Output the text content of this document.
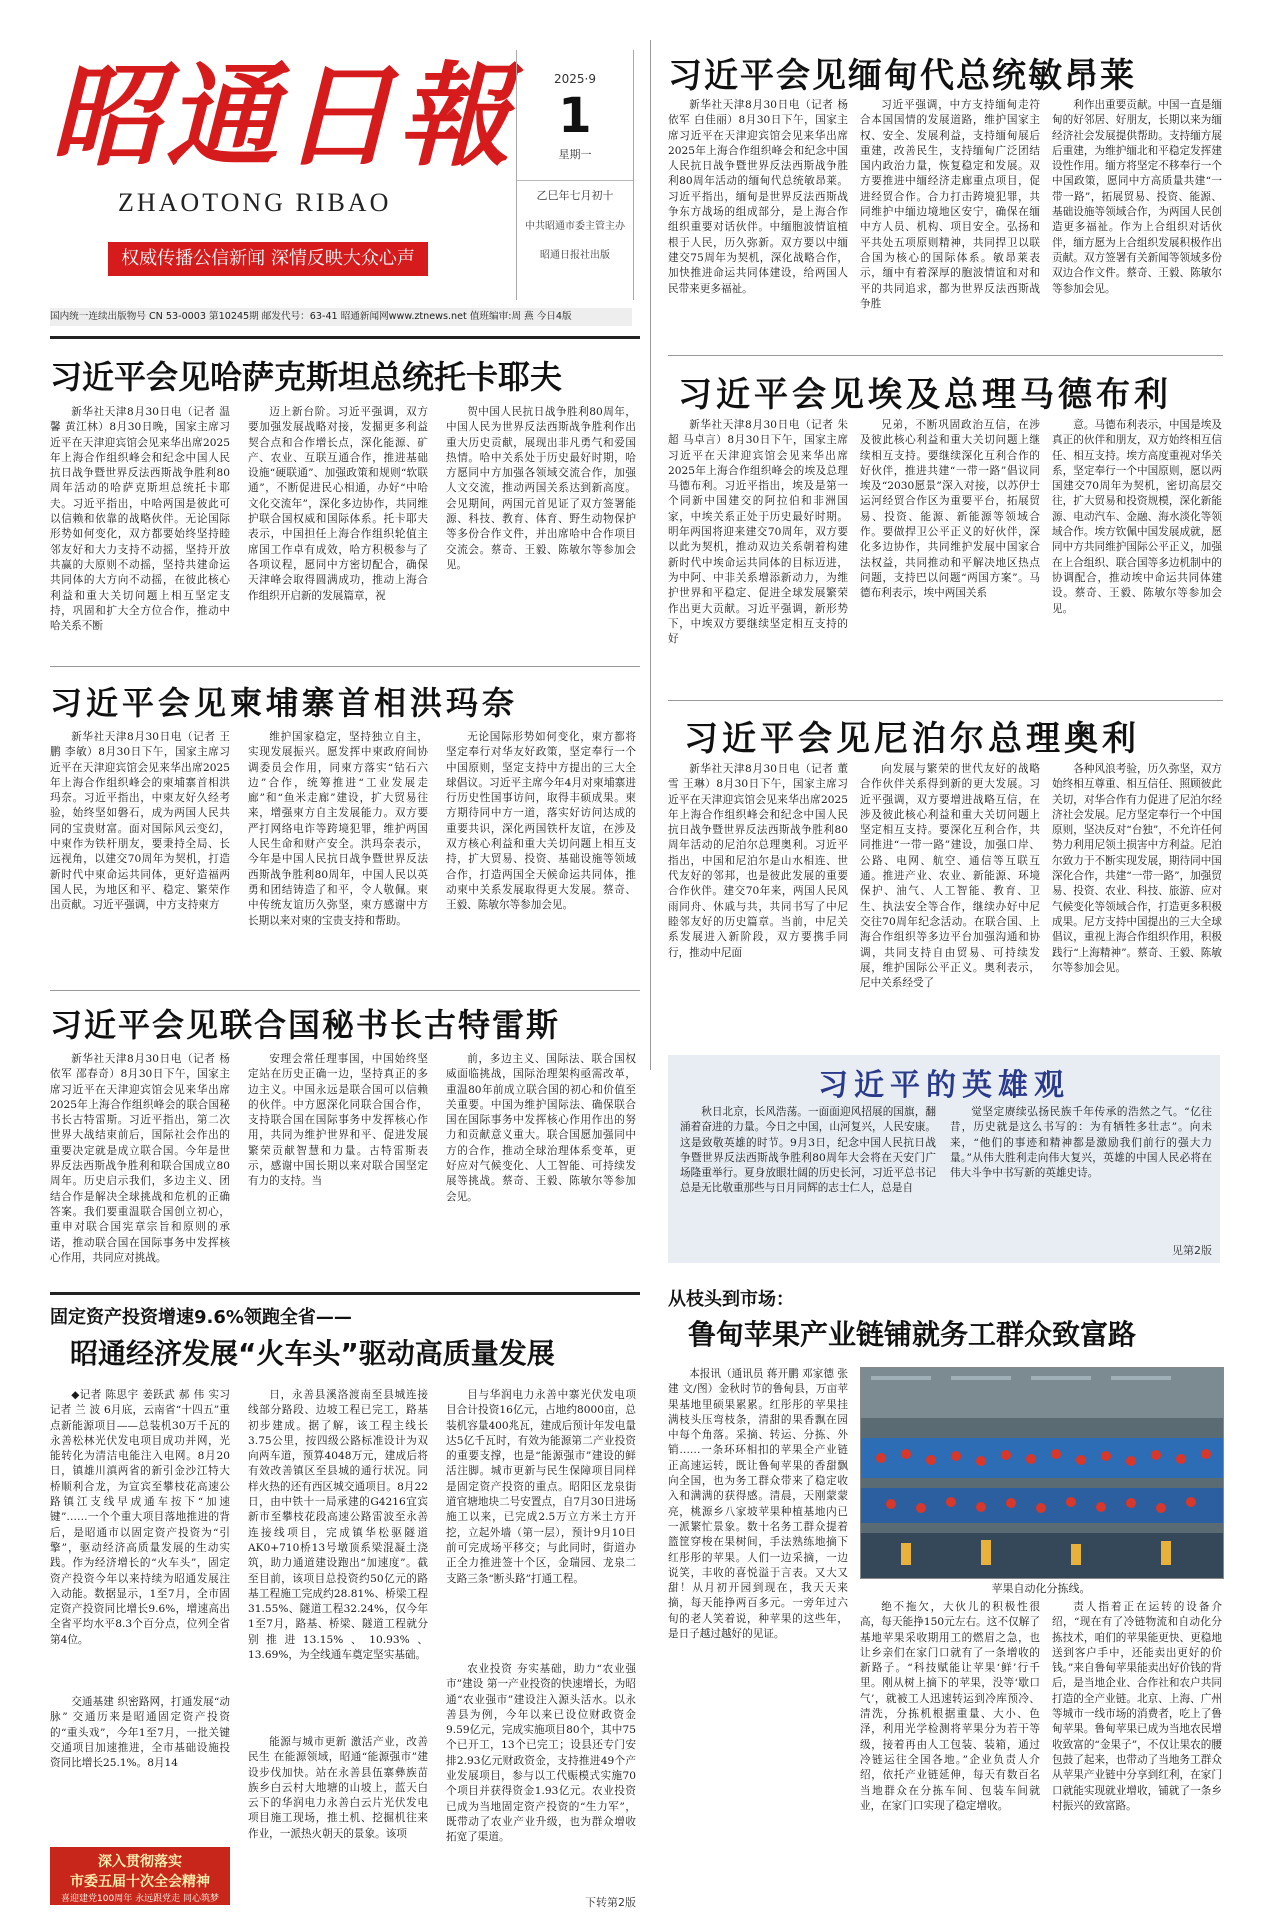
昭通日報
ZHAOTONG RIBAO
权威传播公信新闻 深情反映大众心声
2025·9
1
星期一
乙巳年七月初十
中共昭通市委主管主办
昭通日报社出版
国内统一连续出版物号 CN 53-0003 第10245期 邮发代号：63-41 昭通新闻网www.ztnews.net 值班编审:周 燕 今日4版
习近平会见缅甸代总统敏昂莱

新华社天津8月30日电（记者 杨依军 白佳丽）8月30日下午，国家主席习近平在天津迎宾馆会见来华出席2025年上海合作组织峰会和纪念中国人民抗日战争暨世界反法西斯战争胜利80周年活动的缅甸代总统敏昂莱。习近平指出，缅甸是世界反法西斯战争东方战场的组成部分，是上海合作组织重要对话伙伴。中缅胞波情谊植根于人民，历久弥新。双方要以中缅建交75周年为契机，深化战略合作，加快推进命运共同体建设，给两国人民带来更多福祉。

习近平强调，中方支持缅甸走符合本国国情的发展道路，维护国家主权、安全、发展利益，支持缅甸展后重建，改善民生，支持缅甸广泛团结国内政治力量，恢复稳定和发展。双方要推进中缅经济走廊重点项目，促进经贸合作。合力打击跨境犯罪，共同维护中缅边境地区安宁，确保在缅中方人员、机构、项目安全。弘扬和平共处五项原则精神，共同捍卫以联合国为核心的国际体系。敏昂莱表示，缅中有着深厚的胞波情谊和对和平的共同追求，都为世界反法西斯战争胜

利作出重要贡献。中国一直是缅甸的好邻居、好朋友，长期以来为缅经济社会发展提供帮助。支持缅方展后重建，为维护缅北和平稳定发挥建设性作用。缅方将坚定不移奉行一个中国政策，愿同中方高质量共建“一带一路”，拓展贸易、投资、能源、基础设施等领域合作，为两国人民创造更多福祉。作为上合组织对话伙伴，缅方愿为上合组织发展积极作出贡献。双方签署有关新闻等领域多份双边合作文件。蔡奇、王毅、陈敏尔等参加会见。

习近平会见埃及总理马德布利

新华社天津8月30日电（记者 朱超 马卓言）8月30日下午，国家主席习近平在天津迎宾馆会见来华出席2025年上海合作组织峰会的埃及总理马德布利。习近平指出，埃及是第一个同新中国建交的阿拉伯和非洲国家，中埃关系正处于历史最好时期。明年两国将迎来建交70周年，双方要以此为契机，推动双边关系朝着构建新时代中埃命运共同体的目标迈进，为中阿、中非关系增添新动力，为维护世界和平稳定、促进全球发展繁荣作出更大贡献。习近平强调，新形势下，中埃双方要继续坚定相互支持的好

兄弟，不断巩固政治互信，在涉及彼此核心利益和重大关切问题上继续相互支持。要继续深化互利合作的好伙伴，推进共建“一带一路”倡议同埃及“2030愿景”深入对接，以苏伊士运河经贸合作区为重要平台，拓展贸易、投资、能源、新能源等领域合作。要做捍卫公平正义的好伙伴，深化多边协作，共同维护发展中国家合法权益，共同推动和平解决地区热点问题，支持巴以问题“两国方案”。马德布利表示，埃中两国关系

意。马德布利表示，中国是埃及真正的伙伴和朋友，双方始终相互信任、相互支持。埃方高度重视对华关系，坚定奉行一个中国原则，愿以两国建交70周年为契机，密切高层交往，扩大贸易和投资规模，深化新能源、电动汽车、金融、海水淡化等领域合作。埃方钦佩中国发展成就，愿同中方共同维护国际公平正义，加强在上合组织、联合国等多边机制中的协调配合，推动埃中命运共同体建设。蔡奇、王毅、陈敏尔等参加会见。

习近平会见尼泊尔总理奥利

新华社天津8月30日电（记者 董雪 王琳）8月30日下午，国家主席习近平在天津迎宾馆会见来华出席2025年上海合作组织峰会和纪念中国人民抗日战争暨世界反法西斯战争胜利80周年活动的尼泊尔总理奥利。习近平指出，中国和尼泊尔是山水相连、世代友好的邻邦，也是彼此发展的重要合作伙伴。建交70年来，两国人民风雨同舟、休戚与共，共同书写了中尼睦邻友好的历史篇章。当前，中尼关系发展进入新阶段，双方要携手同行，推动中尼面

向发展与繁荣的世代友好的战略合作伙伴关系得到新的更大发展。习近平强调，双方要增进战略互信，在涉及彼此核心利益和重大关切问题上坚定相互支持。要深化互利合作，共同推进“一带一路”建设，加强口岸、公路、电网、航空、通信等互联互通。推进产业、农业、新能源、环境保护、油气、人工智能、教育、卫生、执法安全等合作，继续办好中尼交往70周年纪念活动。在联合国、上海合作组织等多边平台加强沟通和协调，共同支持自由贸易、可持续发展，维护国际公平正义。奥利表示，尼中关系经受了

各种风浪考验，历久弥坚，双方始终相互尊重、相互信任、照顾彼此关切，对华合作有力促进了尼泊尔经济社会发展。尼方坚定奉行一个中国原则，坚决反对“台独”，不允许任何势力利用尼领土损害中方利益。尼泊尔致力于不断实现发展，期待同中国深化合作，共建“一带一路”，加强贸易、投资、农业、科技、旅游、应对气候变化等领域合作，打造更多积极成果。尼方支持中国提出的三大全球倡议，重视上海合作组织作用，积极践行“上海精神”。蔡奇、王毅、陈敏尔等参加会见。

习近平的英雄观

秋日北京，长风浩荡。一面面迎风招展的国旗，翻涌着奋进的力量。今日之中国，山河复兴，人民安康。这是致敬英雄的时节。9月3日，纪念中国人民抗日战争暨世界反法西斯战争胜利80周年大会将在天安门广场隆重举行。夏身放眼壮阔的历史长河，习近平总书记总是无比敬重那些与日月同辉的志士仁人，总是自

觉坚定赓续弘扬民族千年传承的浩然之气。“亿往昔，历史就是这么书写的：为有牺牲多壮志”。向未来，“他们的事迹和精神都是激励我们前行的强大力量。”从伟大胜利走向伟大复兴，英雄的中国人民必将在伟大斗争中书写新的英雄史诗。

见第2版
从枝头到市场：
鲁甸苹果产业链铺就务工群众致富路

本报讯（通讯员 蒋开鹏 邓家德 张 建 文/图）金秋时节的鲁甸县，万亩苹果基地里硕果累累。红彤彤的苹果挂满枝头压弯枝条，清甜的果香飘在园中每个角落。采摘、转运、分拣、外销……一条环环相扣的苹果全产业链正高速运转，既让鲁甸苹果的香甜飘向全国，也为务工群众带来了稳定收入和满满的获得感。清晨，天刚蒙蒙亮，桃源乡八家坡苹果种植基地内已一派繁忙景象。数十名务工群众提着篮筐穿梭在果树间，手法熟练地摘下红彤彤的苹果。人们一边采摘，一边说笑，丰收的喜悦溢于言表。又大又甜！从月初开园到现在，我天天来摘，每天能挣两百多元。一旁年过六旬的老人笑着说，种苹果的这些年，是日子越过越好的见证。

苹果自动化分拣线。

绝不拖欠，大伙儿的积极性很高，每天能挣150元左右。这不仅解了基地苹果采收期用工的燃眉之急，也让乡亲们在家门口就有了一条增收的新路子。“科技赋能让苹果‘鲜’行千里。刚从树上摘下的苹果，没等‘歇口气’，就被工人迅速转运到冷库预冷、清洗，分拣机根据重量、大小、色泽，利用光学检测将苹果分为若干等级，接着再由人工包装、装箱，通过冷链运往全国各地。”企业负责人介绍，依托产业链延伸，每天有数百名当地群众在分拣车间、包装车间就业，在家门口实现了稳定增收。

责人指着正在运转的设备介绍，“现在有了冷链物流和自动化分拣技术，咱们的苹果能更快、更稳地送到客户手中，还能卖出更好的价钱。”来自鲁甸苹果能卖出好价钱的背后，是当地企业、合作社和农户共同打造的全产业链。北京、上海、广州等城市一线市场的消费者，吃上了鲁甸苹果。鲁甸苹果已成为当地农民增收致富的“金果子”，不仅让果农的腰包鼓了起来，也带动了当地务工群众从苹果产业链中分享到红利，在家门口就能实现就业增收，铺就了一条乡村振兴的致富路。

习近平会见哈萨克斯坦总统托卡耶夫

新华社天津8月30日电（记者 温馨 黄江林）8月30日晚，国家主席习近平在天津迎宾馆会见来华出席2025年上海合作组织峰会和纪念中国人民抗日战争暨世界反法西斯战争胜利80周年活动的哈萨克斯坦总统托卡耶夫。习近平指出，中哈两国是彼此可以信赖和依靠的战略伙伴。无论国际形势如何变化，双方都要始终坚持睦邻友好和大力支持不动摇，坚持开放共赢的大原则不动摇，坚持共建命运共同体的大方向不动摇，在彼此核心利益和重大关切问题上相互坚定支持，巩固和扩大全方位合作，推动中哈关系不断

迈上新台阶。习近平强调，双方要加强发展战略对接，发掘更多利益契合点和合作增长点，深化能源、矿产、农业、互联互通合作，推进基础设施“硬联通”、加强政策和规则“软联通”，不断促进民心相通，办好“中哈文化交流年”，深化多边协作，共同维护联合国权威和国际体系。托卡耶夫表示，中国担任上海合作组织轮值主席国工作卓有成效，哈方积极参与了各项议程，愿同中方密切配合，确保天津峰会取得圆满成功，推动上海合作组织开启新的发展篇章，祝

贺中国人民抗日战争胜利80周年，中国人民为世界反法西斯战争胜利作出重大历史贡献，展现出非凡勇气和爱国热情。哈中关系处于历史最好时期，哈方愿同中方加强各领域交流合作，加强人文交流，推动两国关系达到新高度。会见期间，两国元首见证了双方签署能源、科技、教育、体育、野生动物保护等多份合作文件，并出席哈中合作项目交流会。蔡奇、王毅、陈敏尔等参加会见。

习近平会见柬埔寨首相洪玛奈

新华社天津8月30日电（记者 王鹏 李敏）8月30日下午，国家主席习近平在天津迎宾馆会见来华出席2025年上海合作组织峰会的柬埔寨首相洪玛奈。习近平指出，中柬友好久经考验，始终坚如磐石，成为两国人民共同的宝贵财富。面对国际风云变幻，中柬作为铁杆朋友，要秉持全局、长远视角，以建交70周年为契机，打造新时代中柬命运共同体，更好造福两国人民，为地区和平、稳定、繁荣作出贡献。习近平强调，中方支持柬方

维护国家稳定，坚持独立自主，实现发展振兴。愿发挥中柬政府间协调委员会作用，同柬方落实“钻石六边”合作，统筹推进“工业发展走廊”和“鱼米走廊”建设，扩大贸易往来，增强柬方自主发展能力。双方要严打网络电诈等跨境犯罪，维护两国人民生命和财产安全。洪玛奈表示，今年是中国人民抗日战争暨世界反法西斯战争胜利80周年，中国人民以英勇和团结铸造了和平，令人敬佩。柬中传统友谊历久弥坚，柬方感谢中方长期以来对柬的宝贵支持和帮助。

无论国际形势如何变化，柬方都将坚定奉行对华友好政策，坚定奉行一个中国原则，坚定支持中方提出的三大全球倡议。习近平主席今年4月对柬埔寨进行历史性国事访问，取得丰硕成果。柬方期待同中方一道，落实好访问达成的重要共识，深化两国铁杆友谊，在涉及双方核心利益和重大关切问题上相互支持，扩大贸易、投资、基础设施等领域合作，打造两国全天候命运共同体，推动柬中关系发展取得更大发展。蔡奇、王毅、陈敏尔等参加会见。

习近平会见联合国秘书长古特雷斯

新华社天津8月30日电（记者 杨依军 邵春奇）8月30日下午，国家主席习近平在天津迎宾馆会见来华出席2025年上海合作组织峰会的联合国秘书长古特雷斯。习近平指出，第二次世界大战结束前后，国际社会作出的重要决定就是成立联合国。今年是世界反法西斯战争胜利和联合国成立80周年。历史启示我们，多边主义、团结合作是解决全球挑战和危机的正确答案。我们要重温联合国创立初心，重申对联合国宪章宗旨和原则的承诺，推动联合国在国际事务中发挥核心作用，共同应对挑战。

安理会常任理事国，中国始终坚定站在历史正确一边，坚持真正的多边主义。中国永远是联合国可以信赖的伙伴。中方愿深化同联合国合作，支持联合国在国际事务中发挥核心作用，共同为维护世界和平、促进发展繁荣贡献智慧和力量。古特雷斯表示，感谢中国长期以来对联合国坚定有力的支持。当

前，多边主义、国际法、联合国权威面临挑战，国际治理架构亟需改革，重温80年前成立联合国的初心和价值至关重要。中国为维护国际法、确保联合国在国际事务中发挥核心作用作出的努力和贡献意义重大。联合国愿加强同中方的合作，推动全球治理体系变革，更好应对气候变化、人工智能、可持续发展等挑战。蔡奇、王毅、陈敏尔等参加会见。

固定资产投资增速9.6%领跑全省——
昭通经济发展“火车头”驱动高质量发展

◆记者 陈思宇 姜跃武 郝 伟 实习记者 兰 波 6月底，云南省“十四五”重点新能源项目——总装机30万千瓦的永善松林光伏发电项目成功并网，光能转化为清洁电能注入电网。8月20日，镇雄川滇两省的新引金沙江特大桥顺利合龙，为宣宾至攀枝花高速公路镇江支线早成通车按下“加速键”……一个个重大项目落地推进的背后，是昭通市以固定资产投资为“引擎”，驱动经济高质量发展的生动实践。作为经济增长的“火车头”，固定资产投资今年以来持续为昭通发展注入动能。数据显示，1至7月，全市固定资产投资同比增长9.6%，增速高出全省平均水平8.3个百分点，位列全省第4位。

交通基建 织密路网，打通发展“动脉” 交通历来是昭通固定资产投资的“重头戏”，今年1至7月，一批关键交通项目加速推进，全市基础设施投资同比增长25.1%。8月14

深入贯彻落实
市委五届十次全会精神
喜迎建党100周年 永远跟党走 同心筑梦

日，永善县溪洛渡南至县城连接线部分路段、边坡工程已完工，路基初步建成。据了解，该工程主线长3.75公里，按四级公路标准设计为双向两车道，预算4048万元，建成后将有效改善镇区至县城的通行状况。同样火热的还有西区城交通项目。8月22日，由中铁十一局承建的G4216宜宾新市至攀枝花段高速公路雷波至永善连接线项目，完成镇华松驱隧道AK0+710桥13号墩顶系梁混凝土浇筑，助力通道建设跑出“加速度”。截至目前，该项目总投资约50亿元的路基工程施工完成约28.81%、桥梁工程31.55%、隧道工程32.24%，仅今年1至7月，路基、桥梁、隧道工程就分别推进13.15%、10.93%、13.69%，为全线通车奠定坚实基础。

能源与城市更新 激活产业，改善民生 在能源领域，昭通“能源强市”建设步伐加快。站在永善县伍寨彝族苗族乡白云村大地塘的山坡上，蓝天白云下的华润电力永善白云片光伏发电项目施工现场，推土机、挖掘机往来作业，一派热火朝天的景象。该项

目与华润电力永善中寨光伏发电项目合计投资16亿元，占地约8000亩，总装机容量400兆瓦，建成后预计年发电量达5亿千瓦时，有效为能源第二产业投资的重要支撑，也是“能源强市”建设的鲜活注脚。城市更新与民生保障项目同样是固定资产投资的重点。昭阳区龙泉街道官塘地块二号安置点，自7月30日进场施工以来，已完成2.5万立方米土方开挖，立起外墙（第一层），预计9月10日前可完成场平移交；与此同时，街道办正全力推进签十个区，金瑞园、龙泉二支路三条“断头路”打通工程。

农业投资 夯实基础，助力“农业强市”建设 第一产业投资的快速增长，为昭通“农业强市”建设注入源头活水。以永善县为例，今年以来已设位财政资金9.59亿元，完成实施项目80个，其中75个已开工，13个已完工；设县还专门安排2.93亿元财政资金，支持推进49个产业发展项目，参与以工代赈模式实施70个项目并获得资金1.93亿元。农业投资已成为当地固定资产投资的“生力军”，既带动了农业产业升级，也为群众增收拓宽了渠道。

下转第2版
